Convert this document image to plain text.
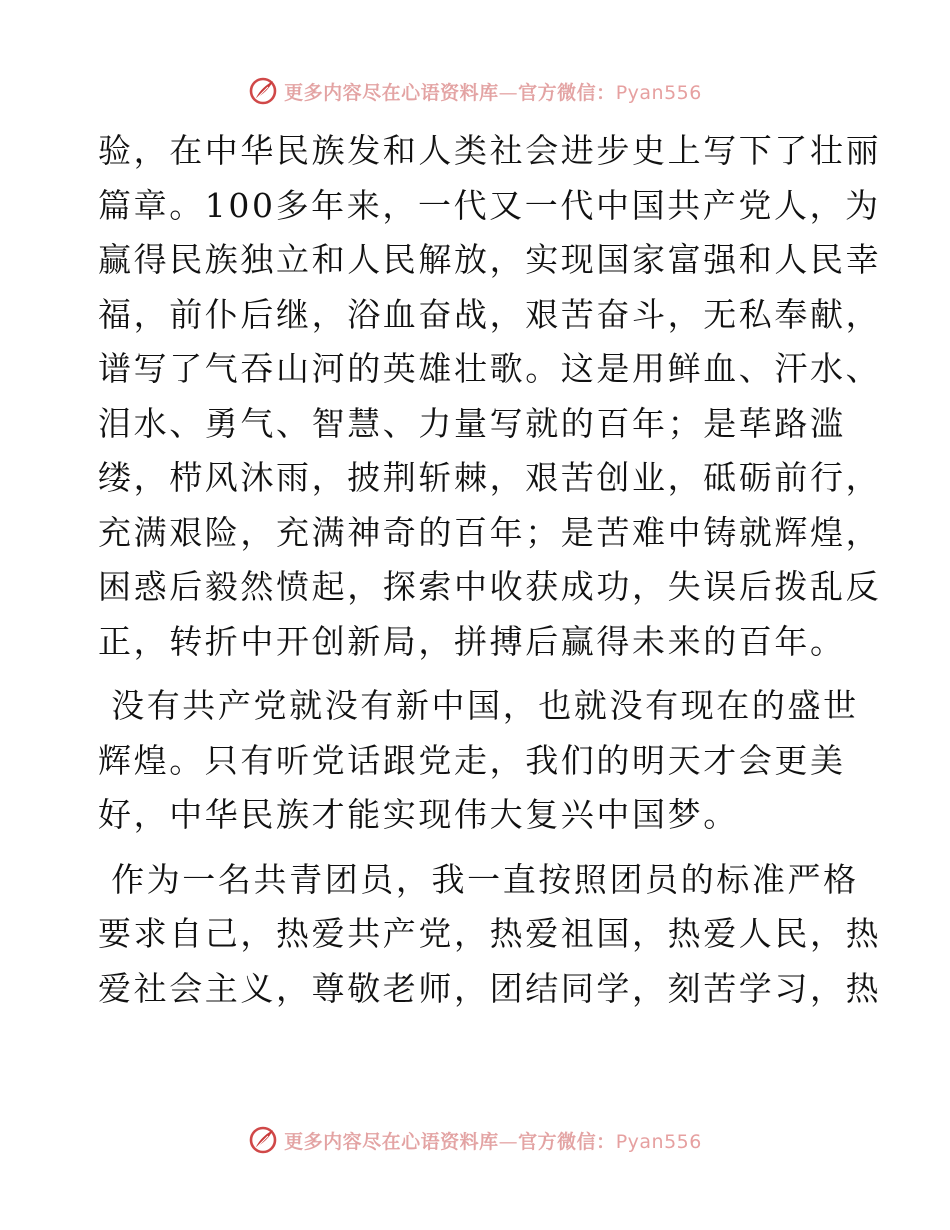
更多内容尽在心语资料库—官方微信：Pyan556
验，在中华民族发和人类社会进步史上写下了壮丽
篇章。100多年来，一代又一代中国共产党人，为
赢得民族独立和人民解放，实现国家富强和人民幸
福，前仆后继，浴血奋战，艰苦奋斗，无私奉献，
谱写了气吞山河的英雄壮歌。这是用鲜血、汗水、
泪水、勇气、智慧、力量写就的百年；是荜路滥
缕，栉风沐雨，披荆斩棘，艰苦创业，砥砺前行，
充满艰险，充满神奇的百年；是苦难中铸就辉煌，
困惑后毅然愤起，探索中收获成功，失误后拨乱反
正，转折中开创新局，拼搏后赢得未来的百年。
没有共产党就没有新中国，也就没有现在的盛世
辉煌。只有听党话跟党走，我们的明天才会更美
好，中华民族才能实现伟大复兴中国梦。
作为一名共青团员，我一直按照团员的标准严格
要求自己，热爱共产党，热爱祖国，热爱人民，热
爱社会主义，尊敬老师，团结同学，刻苦学习，热
更多内容尽在心语资料库—官方微信：Pyan556
